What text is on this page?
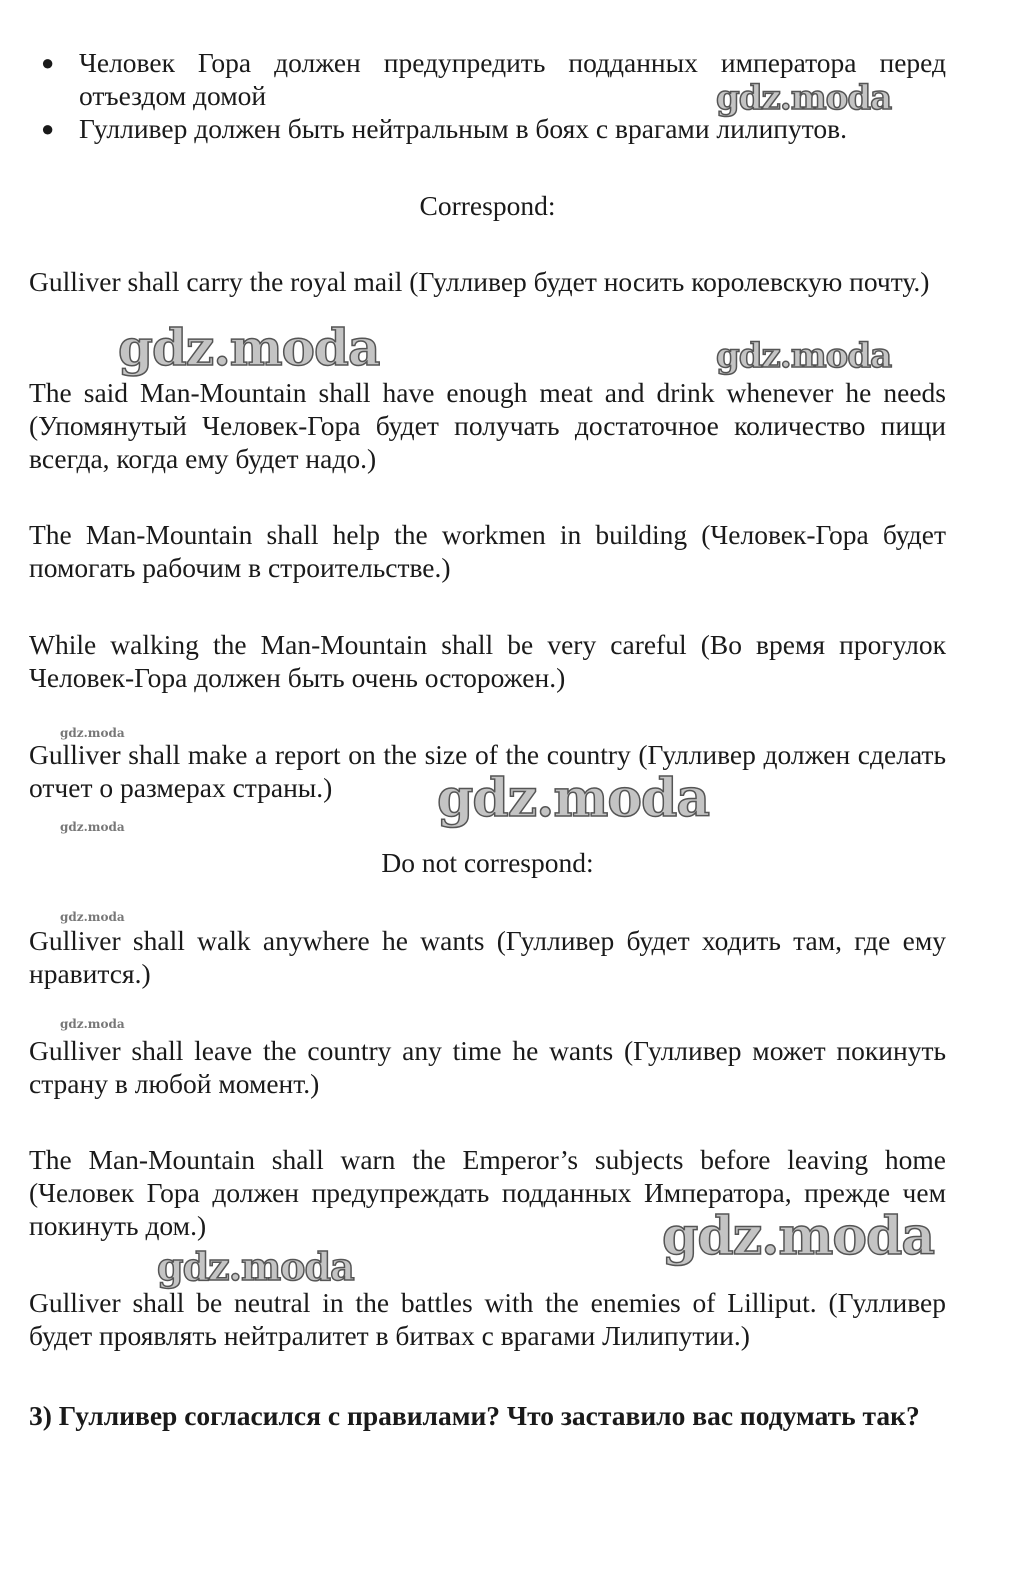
● Человек Гора должен предупредить подданных императора перед отъездом домой
● Гулливер должен быть нейтральным в боях с врагами лилипутов.
Correspond:
Gulliver shall carry the royal mail (Гулливер будет носить королевскую почту.)
The said Man-Mountain shall have enough meat and drink whenever he needs (Упомянутый Человек-Гора будет получать достаточное количество пищи всегда, когда ему будет надо.)
The Man-Mountain shall help the workmen in building (Человек-Гора будет помогать рабочим в строительстве.)
While walking the Man-Mountain shall be very careful (Во время прогулок Человек-Гора должен быть очень осторожен.)
Gulliver shall make a report on the size of the country (Гулливер должен сделать отчет о размерах страны.)
Do not correspond:
Gulliver shall walk anywhere he wants (Гулливер будет ходить там, где ему нравится.)
Gulliver shall leave the country any time he wants (Гулливер может покинуть страну в любой момент.)
The Man-Mountain shall warn the Emperor’s subjects before leaving home (Человек Гора должен предупреждать подданных Императора, прежде чем покинуть дом.)
Gulliver shall be neutral in the battles with the enemies of Lilliput. (Гулливер будет проявлять нейтралитет в битвах с врагами Лилипутии.)
3) Гулливер согласился с правилами? Что заставило вас подумать так?
gdz.moda
gdz.moda	gdz.moda
gdz.moda
gdz.moda
gdz.moda
gdz.moda
gdz.moda
gdz.moda
gdz.moda
